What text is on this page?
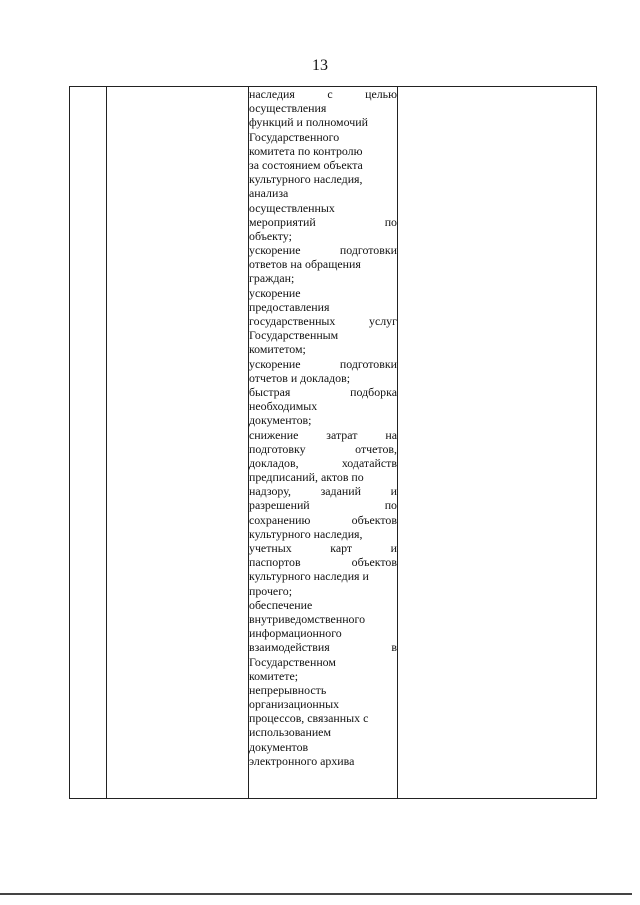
13

наследия	с	целью
осуществления
функций и полномочий
Государственного
комитета по контролю
за состоянием объекта
культурного наследия,
анализа
осуществленных
мероприятий	по
объекту;
ускорение	подготовки
ответов на обращения
граждан;
ускорение
предоставления
государственных	услуг
Государственным
комитетом;
ускорение	подготовки
отчетов и докладов;
быстрая	подборка
необходимых
документов;
снижение затрат на
подготовку	отчетов,
докладов,	ходатайств
предписаний, актов по
надзору, заданий и
разрешений	по
сохранению	объектов
культурного наследия,
учетных	карт	и
паспортов	объектов
культурного наследия и
прочего;
обеспечение
внутриведомственного
информационного
взаимодействия	в
Государственном
комитете;
непрерывность
организационных
процессов, связанных с
использованием
документов
электронного архива
